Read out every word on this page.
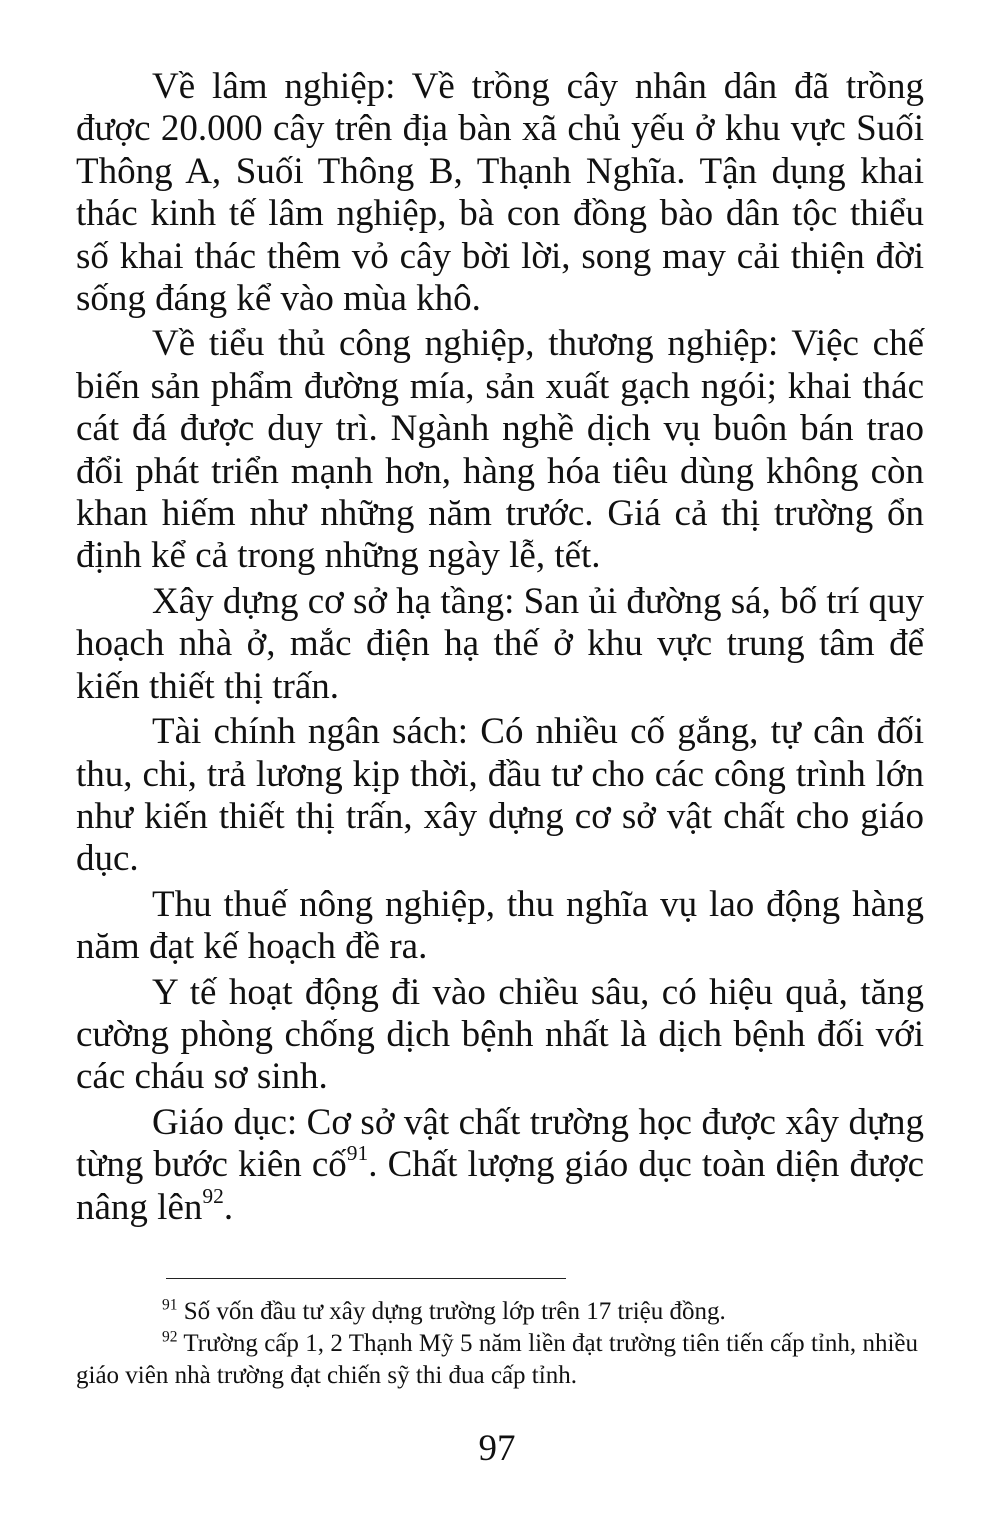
Về lâm nghiệp: Về trồng cây nhân dân đã trồng được 20.000 cây trên địa bàn xã chủ yếu ở khu vực Suối Thông A, Suối Thông B, Thạnh Nghĩa. Tận dụng khai thác kinh tế lâm nghiệp, bà con đồng bào dân tộc thiểu số khai thác thêm vỏ cây bời lời, song may cải thiện đời sống đáng kể vào mùa khô.

Về tiểu thủ công nghiệp, thương nghiệp: Việc chế biến sản phẩm đường mía, sản xuất gạch ngói; khai thác cát đá được duy trì. Ngành nghề dịch vụ buôn bán trao đổi phát triển mạnh hơn, hàng hóa tiêu dùng không còn khan hiếm như những năm trước. Giá cả thị trường ổn định kể cả trong những ngày lễ, tết.

Xây dựng cơ sở hạ tầng: San ủi đường sá, bố trí quy hoạch nhà ở, mắc điện hạ thế ở khu vực trung tâm để kiến thiết thị trấn.

Tài chính ngân sách: Có nhiều cố gắng, tự cân đối thu, chi, trả lương kịp thời, đầu tư cho các công trình lớn như kiến thiết thị trấn, xây dựng cơ sở vật chất cho giáo dục.

Thu thuế nông nghiệp, thu nghĩa vụ lao động hàng năm đạt kế hoạch đề ra.

Y tế hoạt động đi vào chiều sâu, có hiệu quả, tăng cường phòng chống dịch bệnh nhất là dịch bệnh đối với các cháu sơ sinh.

Giáo dục: Cơ sở vật chất trường học được xây dựng từng bước kiên cố$^{91}$. Chất lượng giáo dục toàn diện được nâng lên$^{92}$.

$^{91}$ Số vốn đầu tư xây dựng trường lớp trên 17 triệu đồng.

$^{92}$ Trường cấp 1, 2 Thạnh Mỹ 5 năm liền đạt trường tiên tiến cấp tỉnh, nhiều giáo viên nhà trường đạt chiến sỹ thi đua cấp tỉnh.

97
